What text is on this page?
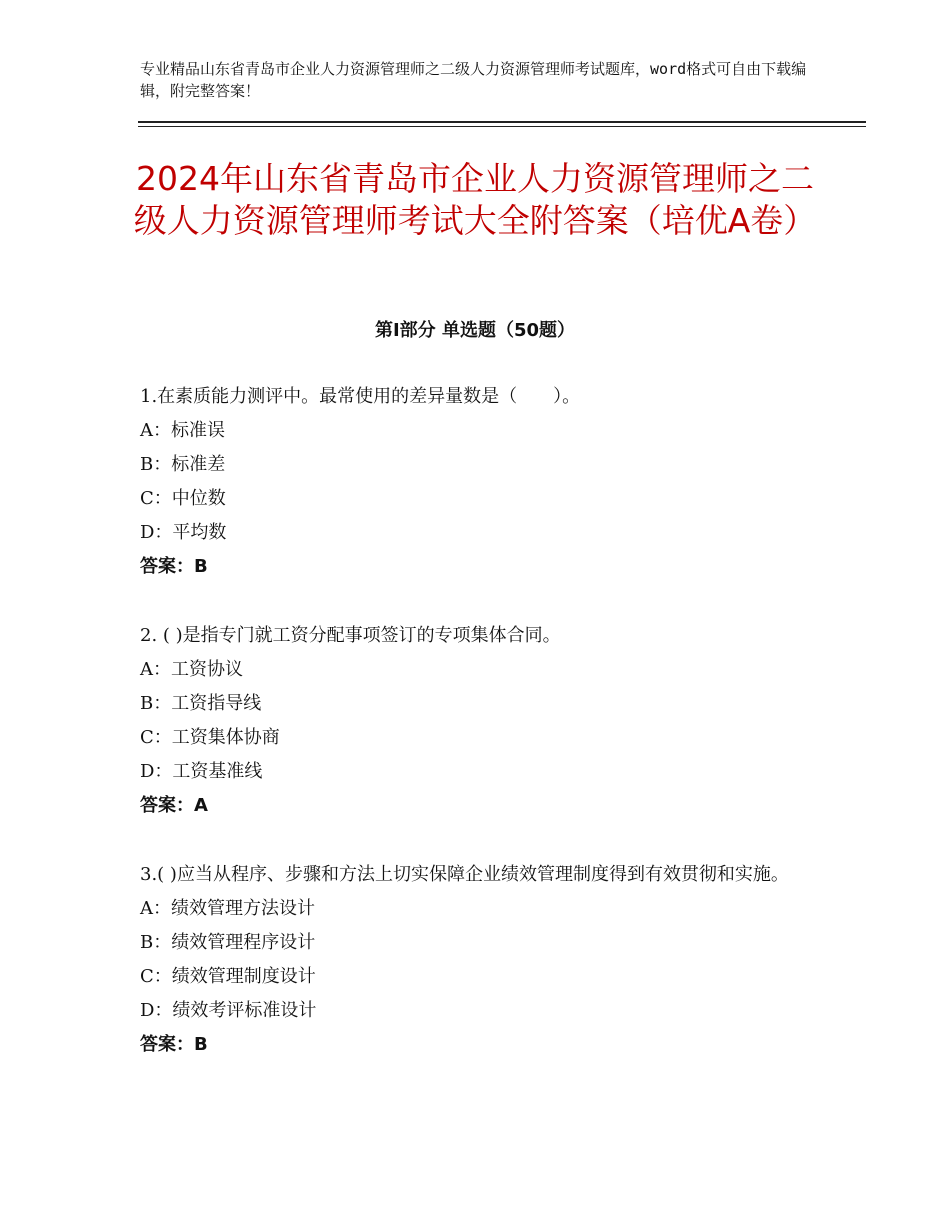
专业精品山东省青岛市企业人力资源管理师之二级人力资源管理师考试题库，word格式可自由下载编辑，附完整答案！
2024年山东省青岛市企业人力资源管理师之二级人力资源管理师考试大全附答案（培优A卷）
第Ⅰ部分 单选题（50题）
1.在素质能力测评中。最常使用的差异量数是（　　）。
A：标准误
B：标准差
C：中位数
D：平均数
答案：B
2. ( )是指专门就工资分配事项签订的专项集体合同。
A：工资协议
B：工资指导线
C：工资集体协商
D：工资基准线
答案：A
3.( )应当从程序、步骤和方法上切实保障企业绩效管理制度得到有效贯彻和实施。
A：绩效管理方法设计
B：绩效管理程序设计
C：绩效管理制度设计
D：绩效考评标准设计
答案：B
